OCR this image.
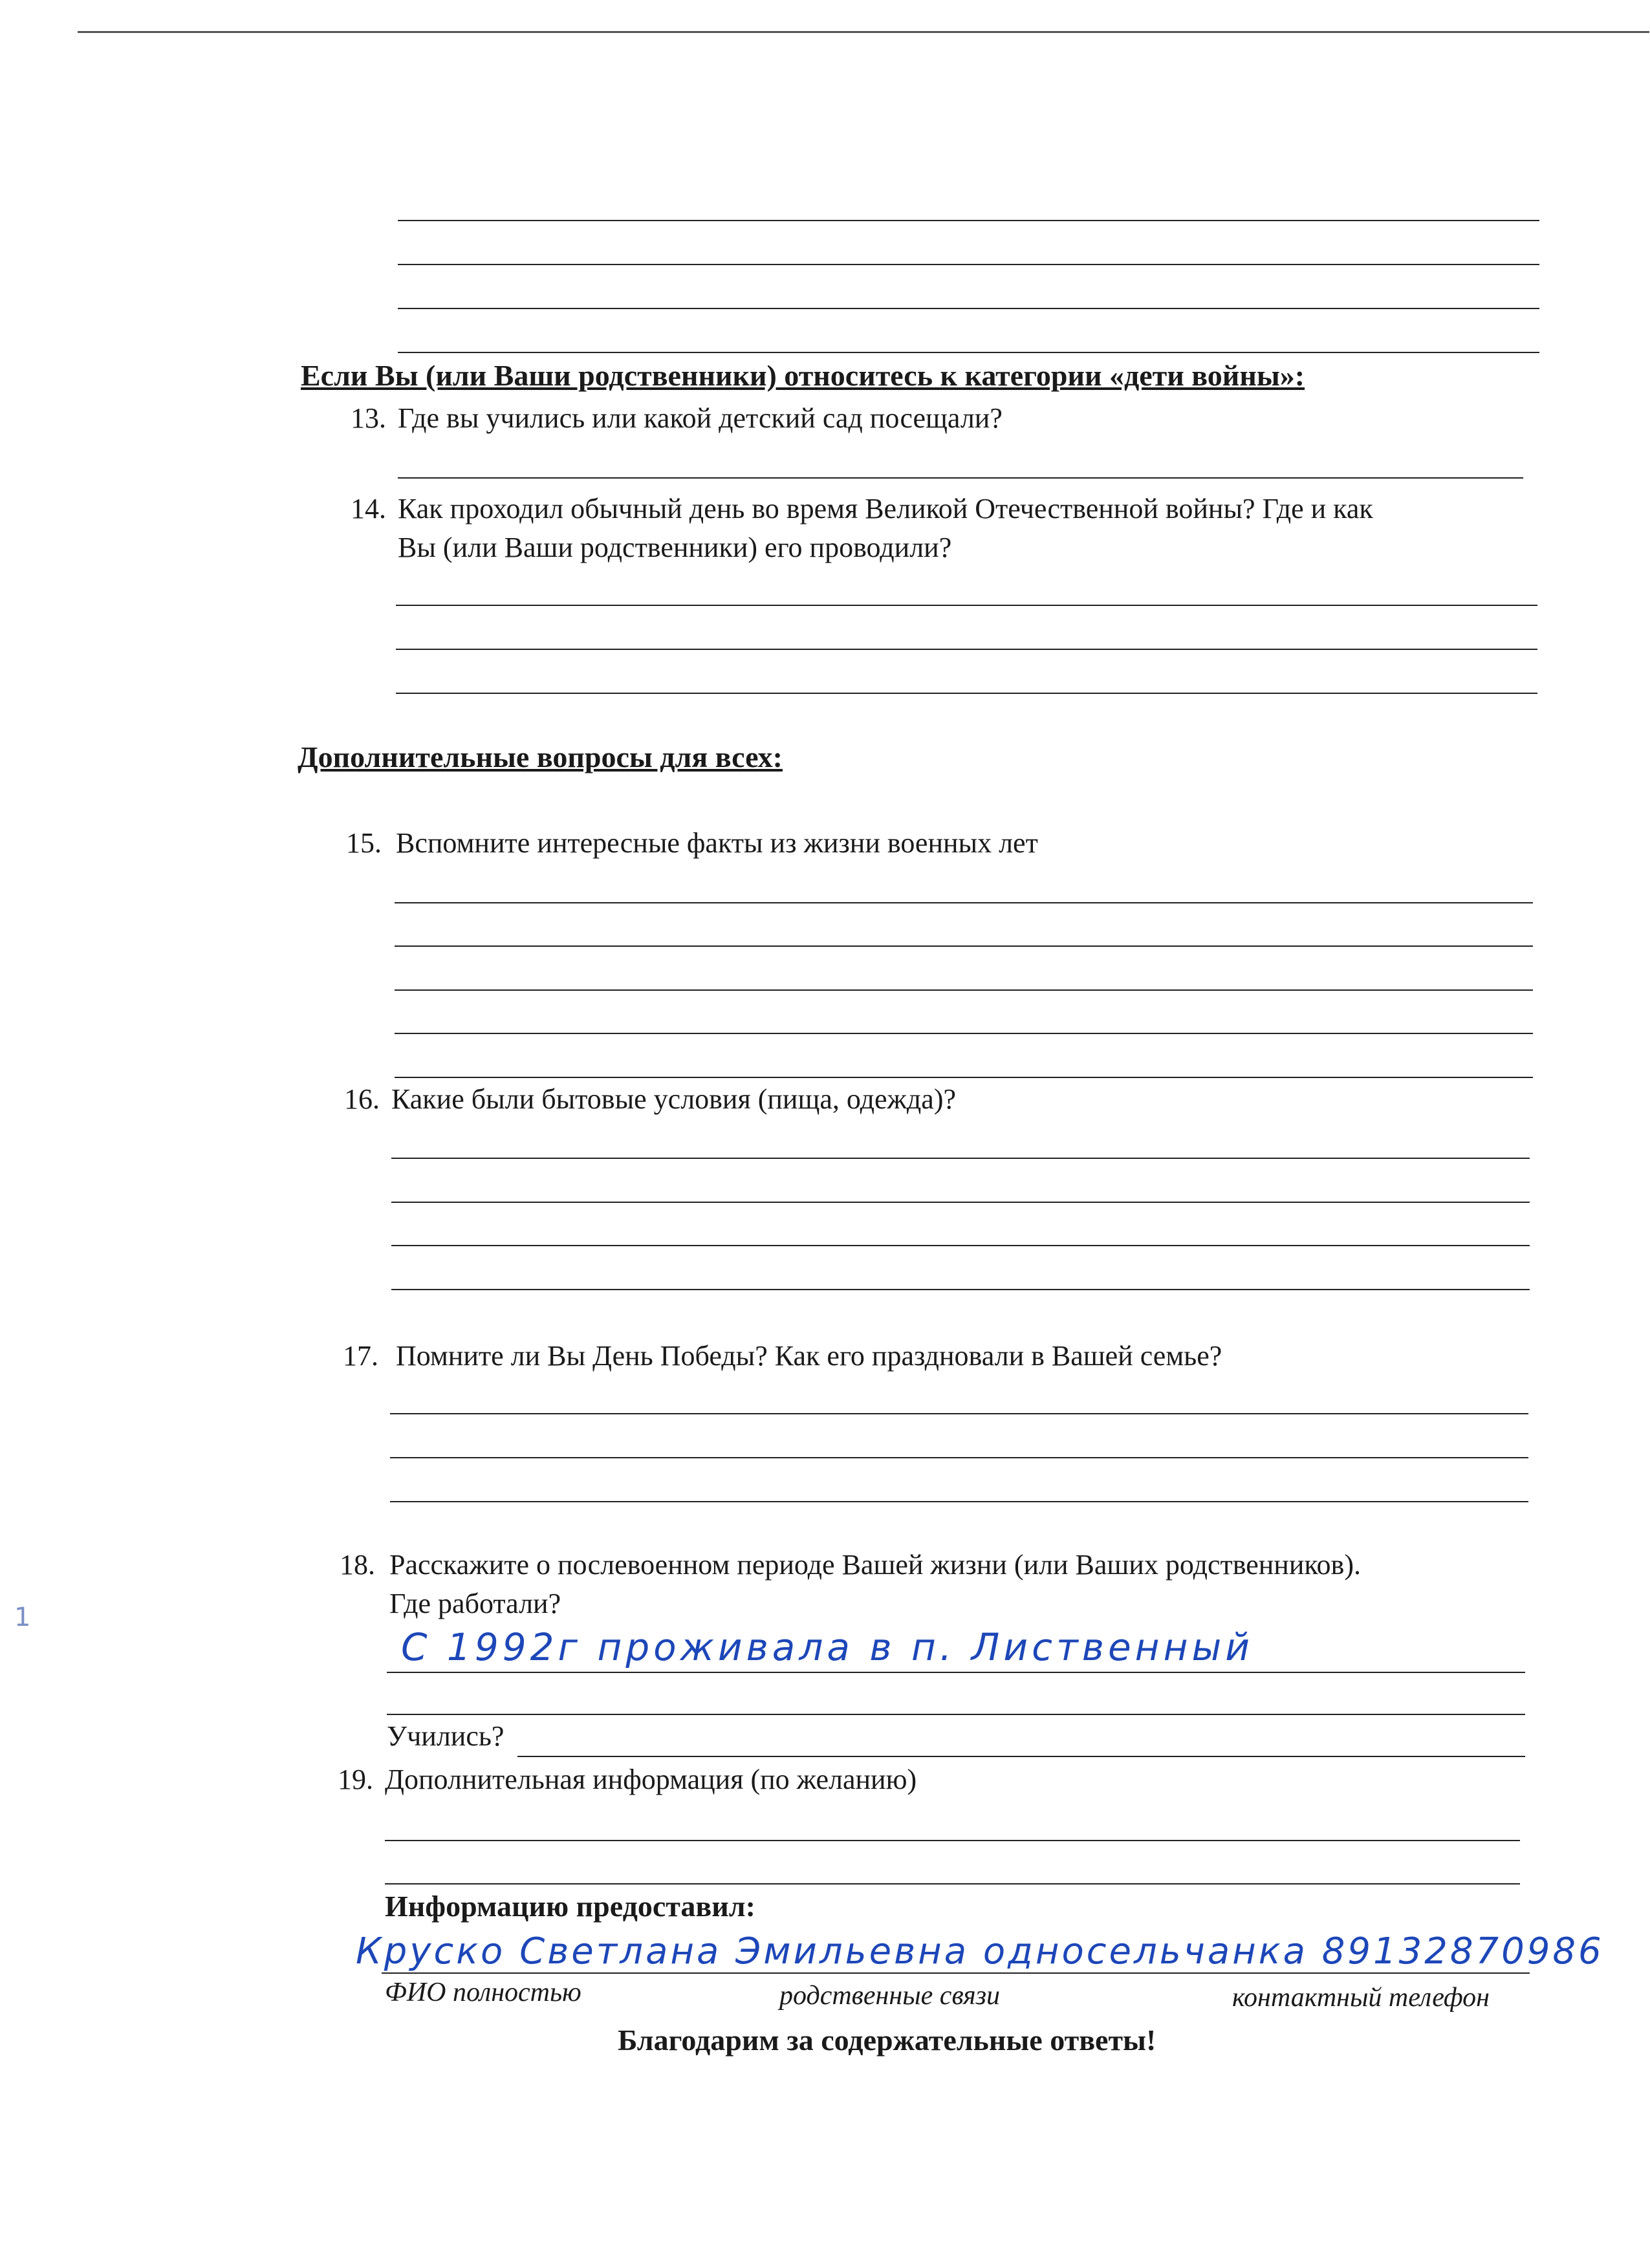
Если Вы (или Ваши родственники) относитесь к категории «дети войны»:
13. Где вы учились или какой детский сад посещали?
14. Как проходил обычный день во время Великой Отечественной войны? Где и как
Вы (или Ваши родственники) его проводили?
Дополнительные вопросы для всех:
15. Вспомните интересные факты из жизни военных лет
16. Какие были бытовые условия (пища, одежда)?
17. Помните ли Вы День Победы? Как его праздновали в Вашей семье?
18. Расскажите о послевоенном периоде Вашей жизни (или Ваших родственников).
Где работали?
С 1992г проживала в п. Лиственный
Учились?
19. Дополнительная информация (по желанию)
Информацию предоставил:
Круско Светлана Эмильевна односельчанка 89132870986
ФИО полностью	родственные связи	контактный телефон
Благодарим за содержательные ответы!
1
